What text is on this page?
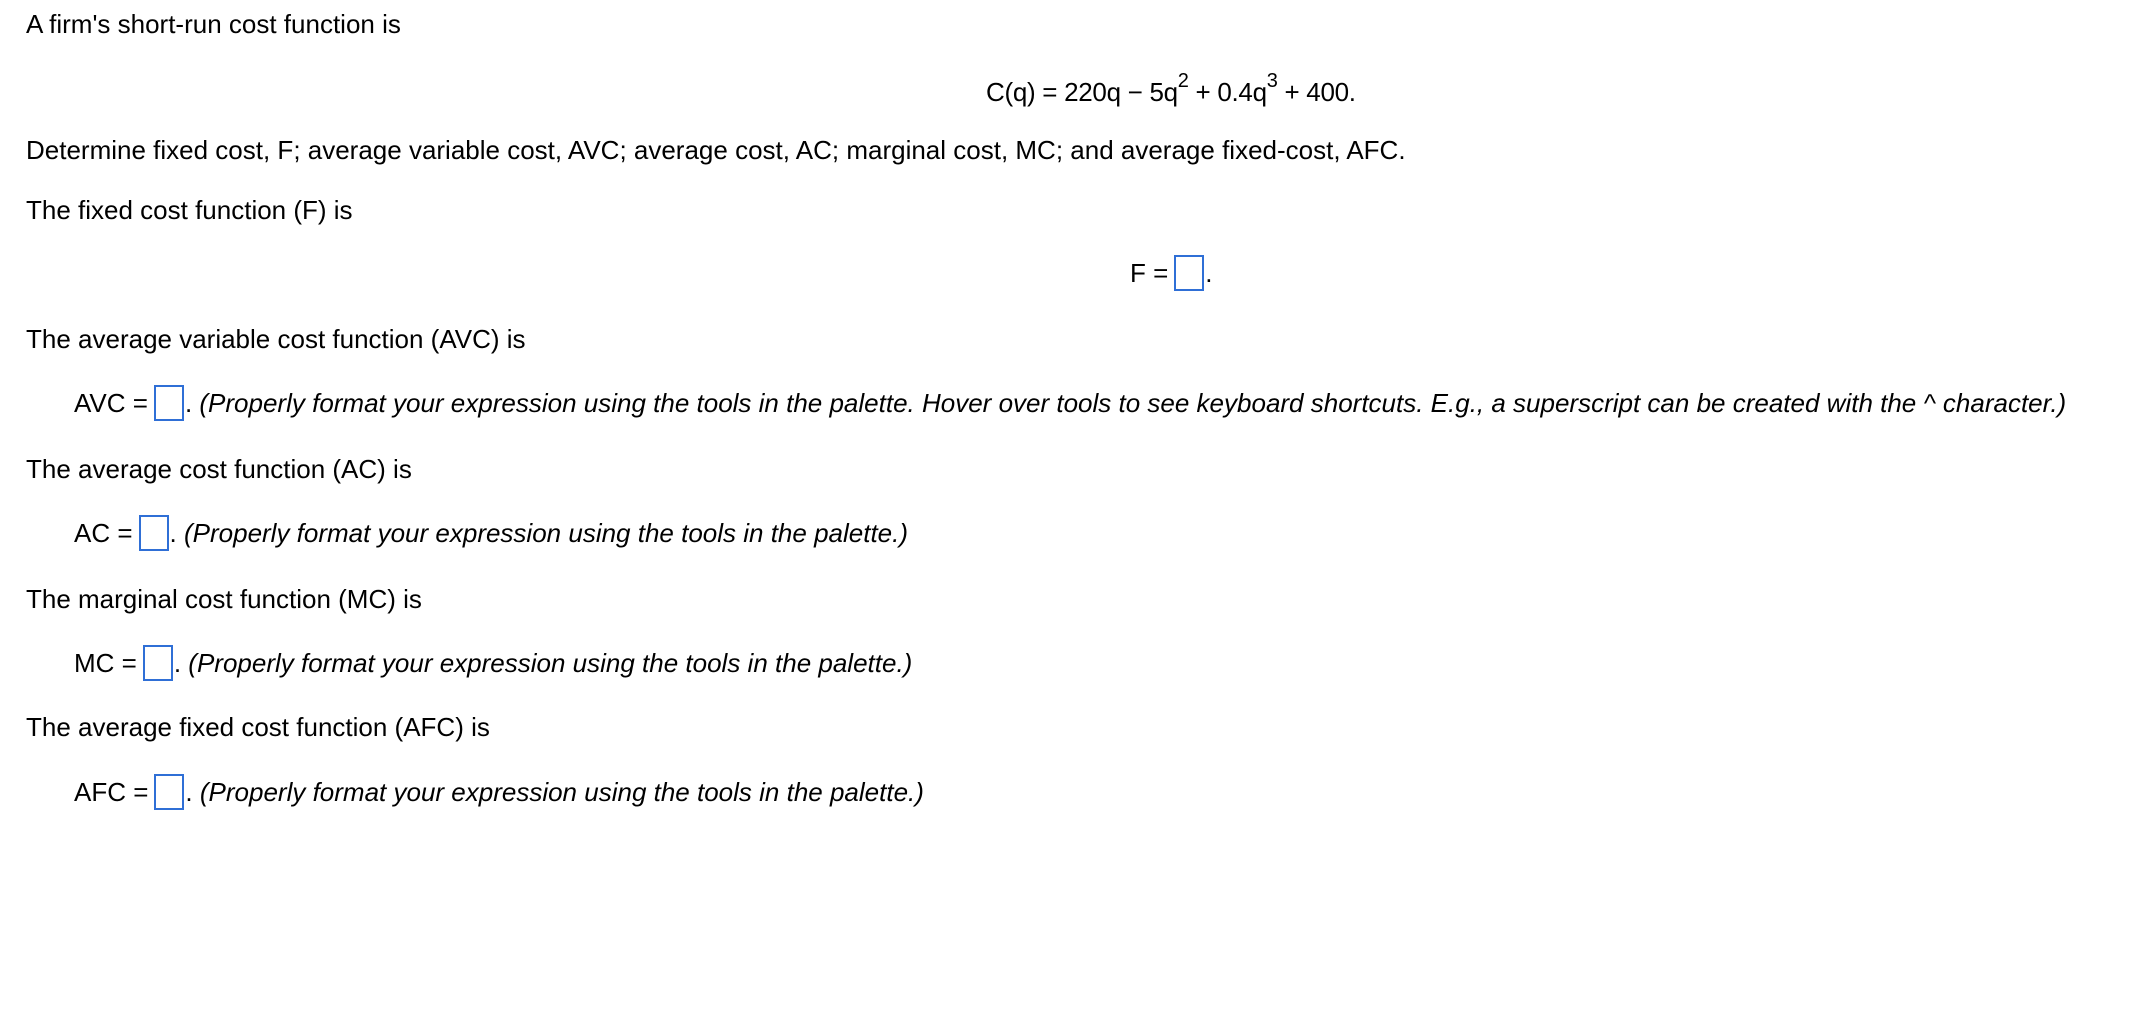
A firm's short-run cost function is
$C(q) = 220q - 5q^2 + 0.4q^3 + 400$.
Determine fixed cost, F; average variable cost, AVC; average cost, AC; marginal cost, MC; and average fixed-cost, AFC.
The fixed cost function (F) is
F = .
The average variable cost function (AVC) is
AVC = . (Properly format your expression using the tools in the palette. Hover over tools to see keyboard shortcuts. E.g., a superscript can be created with the ^ character.)
The average cost function (AC) is
AC = . (Properly format your expression using the tools in the palette.)
The marginal cost function (MC) is
MC = . (Properly format your expression using the tools in the palette.)
The average fixed cost function (AFC) is
AFC = . (Properly format your expression using the tools in the palette.)
